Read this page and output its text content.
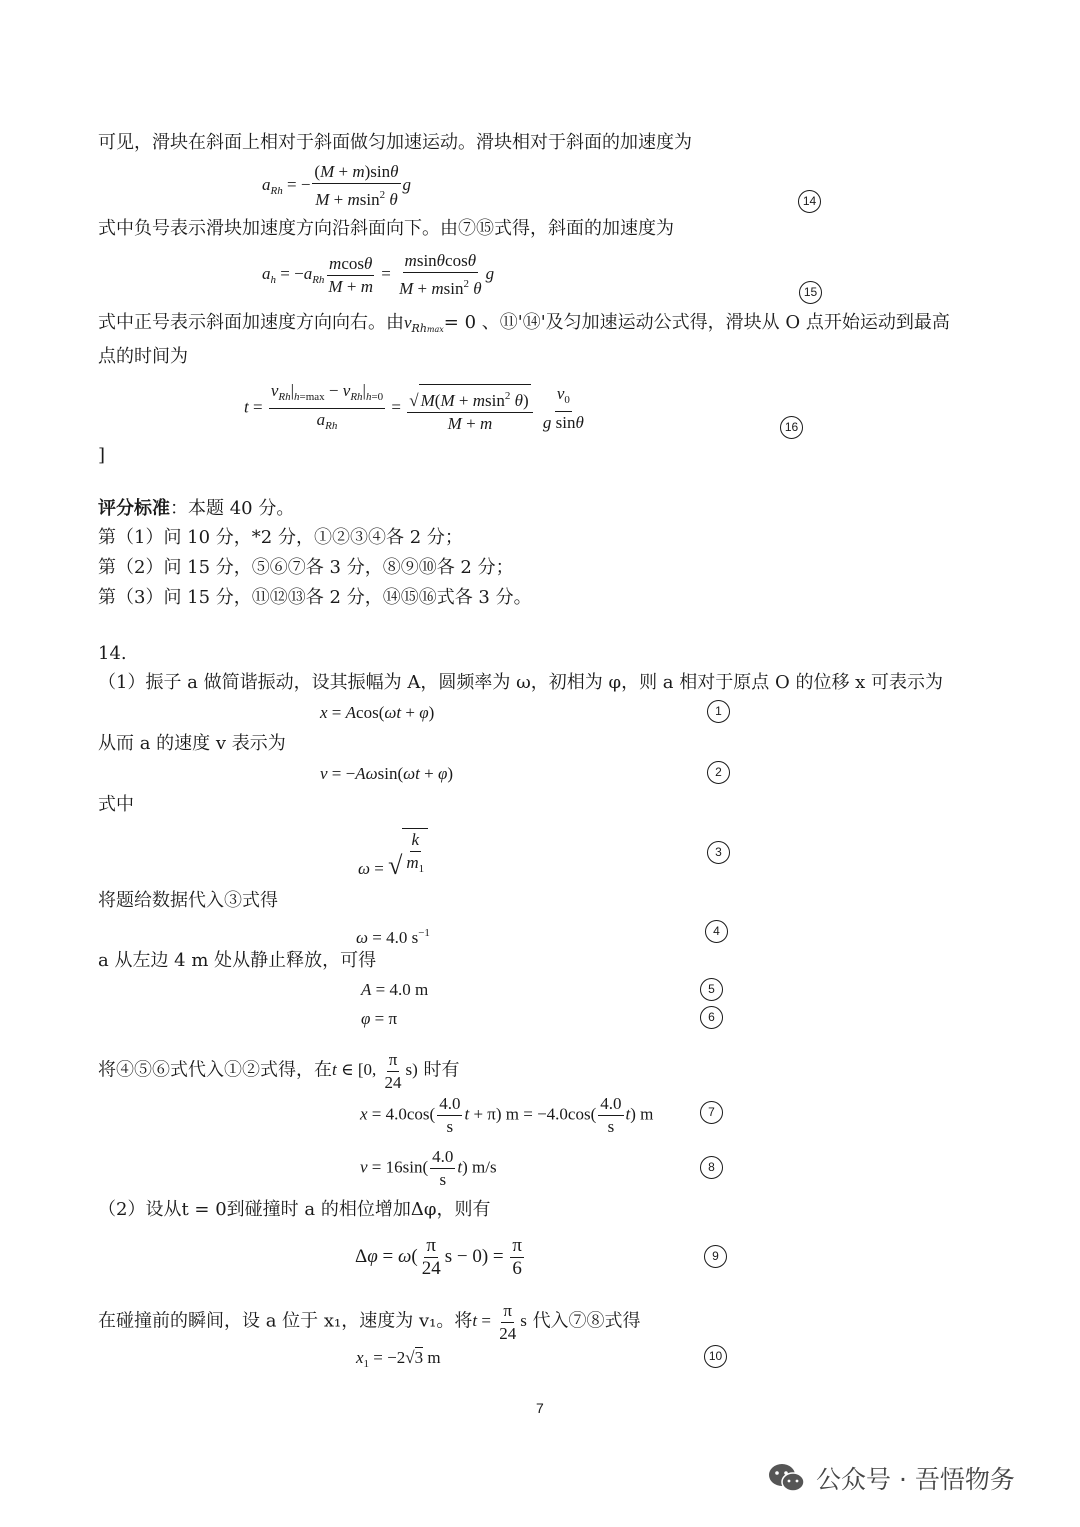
可见，滑块在斜面上相对于斜面做匀加速运动。滑块相对于斜面的加速度为
$a_{Rh}$ = − $\frac{(M + m)\sin\theta}{M + msin^2 \theta}$ g
14
式中负号表示滑块加速度方向沿斜面向下。由⑦⑮式得，斜面的加速度为
$a_h = -a_{Rh} \frac{mcos\theta}{M + m} = \frac{msin\theta\cos\theta}{M + msin^2 \theta}$ g
15
式中正号表示斜面加速度方向向右。由$v_{Rhmax}= 0$ 、⑪'⑭'及匀加速运动公式得，滑块从 O 点开始运动到最高
点的时间为
$t = \frac{v_{Rh}|_{h=max} - v_{Rh}|_{h=0}}{a_{Rh}} = \frac{√ M(M + msin^2 \theta)}{M + m}$
$\frac{v_0}{\text{g sinθ}}$	16
]
评分标准：本题 40 分。
第（1）问 10 分，*2 分，①②③④各 2 分；
第（2）问 15 分，⑤⑥⑦各 3 分，⑧⑨⑩各 2 分；
第（3）问 15 分，⑪⑫⑬各 2 分，⑭⑮⑯式各 3 分。
14.
（1）振子 a 做简谐振动，设其振幅为 A，圆频率为 ω，初相为 φ，则 a 相对于原点 O 的位移 x 可表示为
x = Acos(ωt + φ)	1
从而 a 的速度 v 表示为
v = −Aωsin(ωt + φ)	2
式中
ω = √ $\frac{k}{m_1}$	3
将题给数据代入③式得
ω = 4.0 $s^{-1}$	4
a 从左边 4 m 处从静止释放，可得
A = 4.0 m	5
φ = π	6
将④⑤⑥式代入①②式得，在t ∈ [0, $\frac{\pi}{24} s$) 时有
$x = 4.0\cos( \frac{4.0}{s}$ t + π) $m = -4.0\cos( \frac{4.0}{s} t)$ m	7
$v = 16\sin( \frac{4.0}{s} t)$ m/s	8
（2）设从t = 0到碰撞时 a 的相位增加Δφ，则有
$\Delta\varphi = \omega( \frac{\pi}{24}$ $s - 0) = \frac{\pi}{6}$	9
在碰撞前的瞬间，设 a 位于 x₁，速度为 v₁。将$t = \frac{\pi}{24}$ s 代入⑦⑧式得
$x_1 = -2√3$ m	10
7
公众号 · 吾悟物务
